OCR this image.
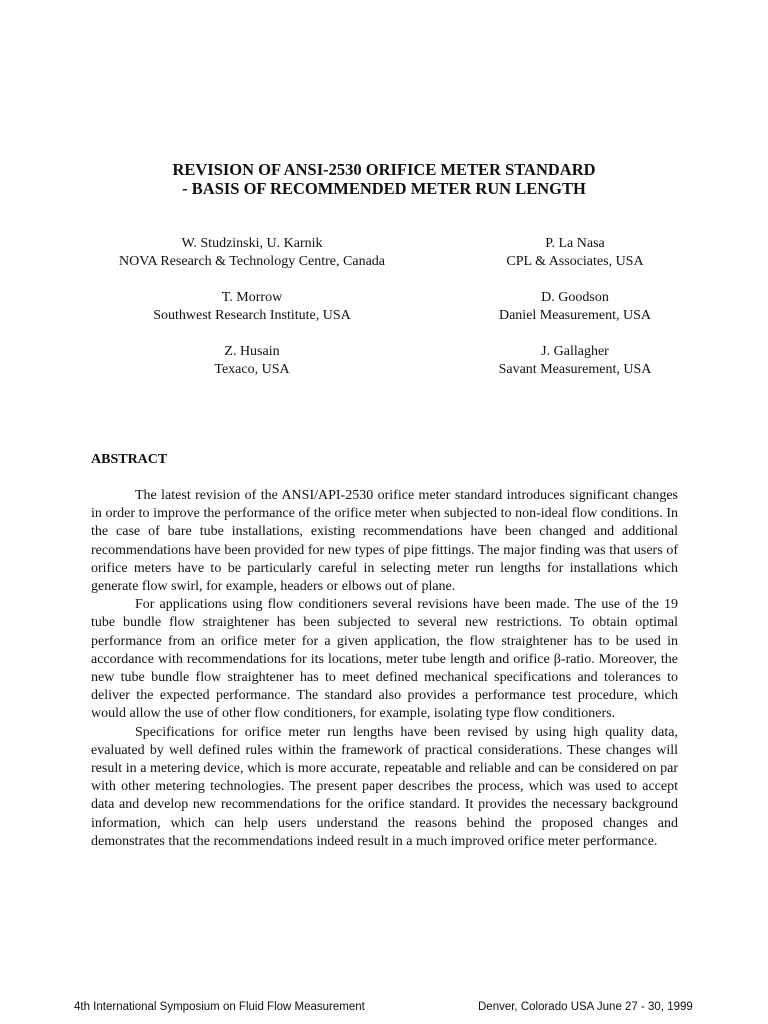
REVISION OF ANSI-2530 ORIFICE METER STANDARD
- BASIS OF RECOMMENDED METER RUN LENGTH
W. Studzinski, U. Karnik
NOVA Research & Technology Centre, Canada
P. La Nasa
CPL & Associates, USA
T. Morrow
Southwest Research Institute, USA
D. Goodson
Daniel Measurement, USA
Z. Husain
Texaco, USA
J. Gallagher
Savant Measurement, USA
ABSTRACT

The latest revision of the ANSI/API-2530 orifice meter standard introduces significant changes in order to improve the performance of the orifice meter when subjected to non-ideal flow conditions. In the case of bare tube installations, existing recommendations have been changed and additional recommendations have been provided for new types of pipe fittings. The major finding was that users of orifice meters have to be particularly careful in selecting meter run lengths for installations which generate flow swirl, for example, headers or elbows out of plane.

For applications using flow conditioners several revisions have been made. The use of the 19 tube bundle flow straightener has been subjected to several new restrictions. To obtain optimal performance from an orifice meter for a given application, the flow straightener has to be used in accordance with recommendations for its locations, meter tube length and orifice β-ratio. Moreover, the new tube bundle flow straightener has to meet defined mechanical specifications and tolerances to deliver the expected performance. The standard also provides a performance test procedure, which would allow the use of other flow conditioners, for example, isolating type flow conditioners.

Specifications for orifice meter run lengths have been revised by using high quality data, evaluated by well defined rules within the framework of practical considerations. These changes will result in a metering device, which is more accurate, repeatable and reliable and can be considered on par with other metering technologies. The present paper describes the process, which was used to accept data and develop new recommendations for the orifice standard. It provides the necessary background information, which can help users understand the reasons behind the proposed changes and demonstrates that the recommendations indeed result in a much improved orifice meter performance.

4th International Symposium on Fluid Flow Measurement	Denver, Colorado USA June 27 - 30, 1999
